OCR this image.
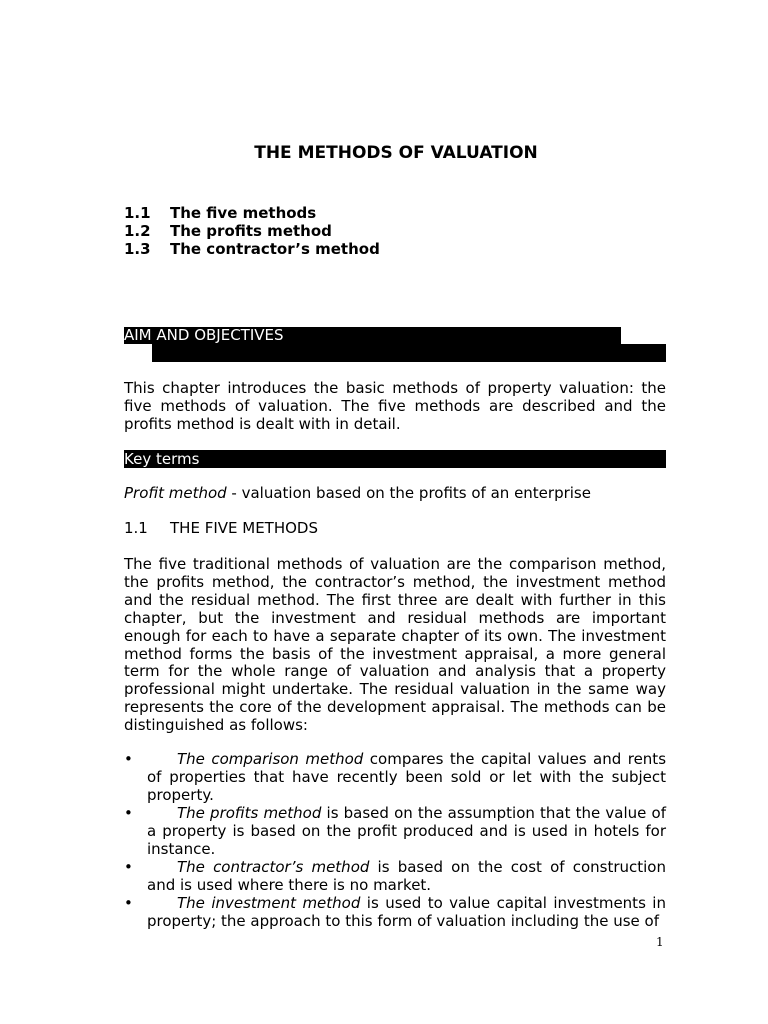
THE METHODS OF VALUATION
1.1	The five methods
1.2	The profits method
1.3	The contractor’s method
AIM AND OBJECTIVES
This chapter introduces the basic methods of property valuation: the five methods of valuation. The five methods are described and the profits method is dealt with in detail.
Key terms
Profit method - valuation based on the profits of an enterprise
1.1 THE FIVE METHODS
The five traditional methods of valuation are the comparison method, the profits method, the contractor’s method, the investment method and the residual method. The first three are dealt with further in this chapter, but the investment and residual methods are important enough for each to have a separate chapter of its own. The investment method forms the basis of the investment appraisal, a more general term for the whole range of valuation and analysis that a property professional might undertake. The residual valuation in the same way represents the core of the development appraisal. The methods can be distinguished as follows:
•	The comparison method compares the capital values and rents of properties that have recently been sold or let with the subject property.
•	The profits method is based on the assumption that the value of a property is based on the profit produced and is used in hotels for instance.
•	The contractor’s method is based on the cost of construction and is used where there is no market.
•	The investment method is used to value capital investments in property; the approach to this form of valuation including the use of
1
